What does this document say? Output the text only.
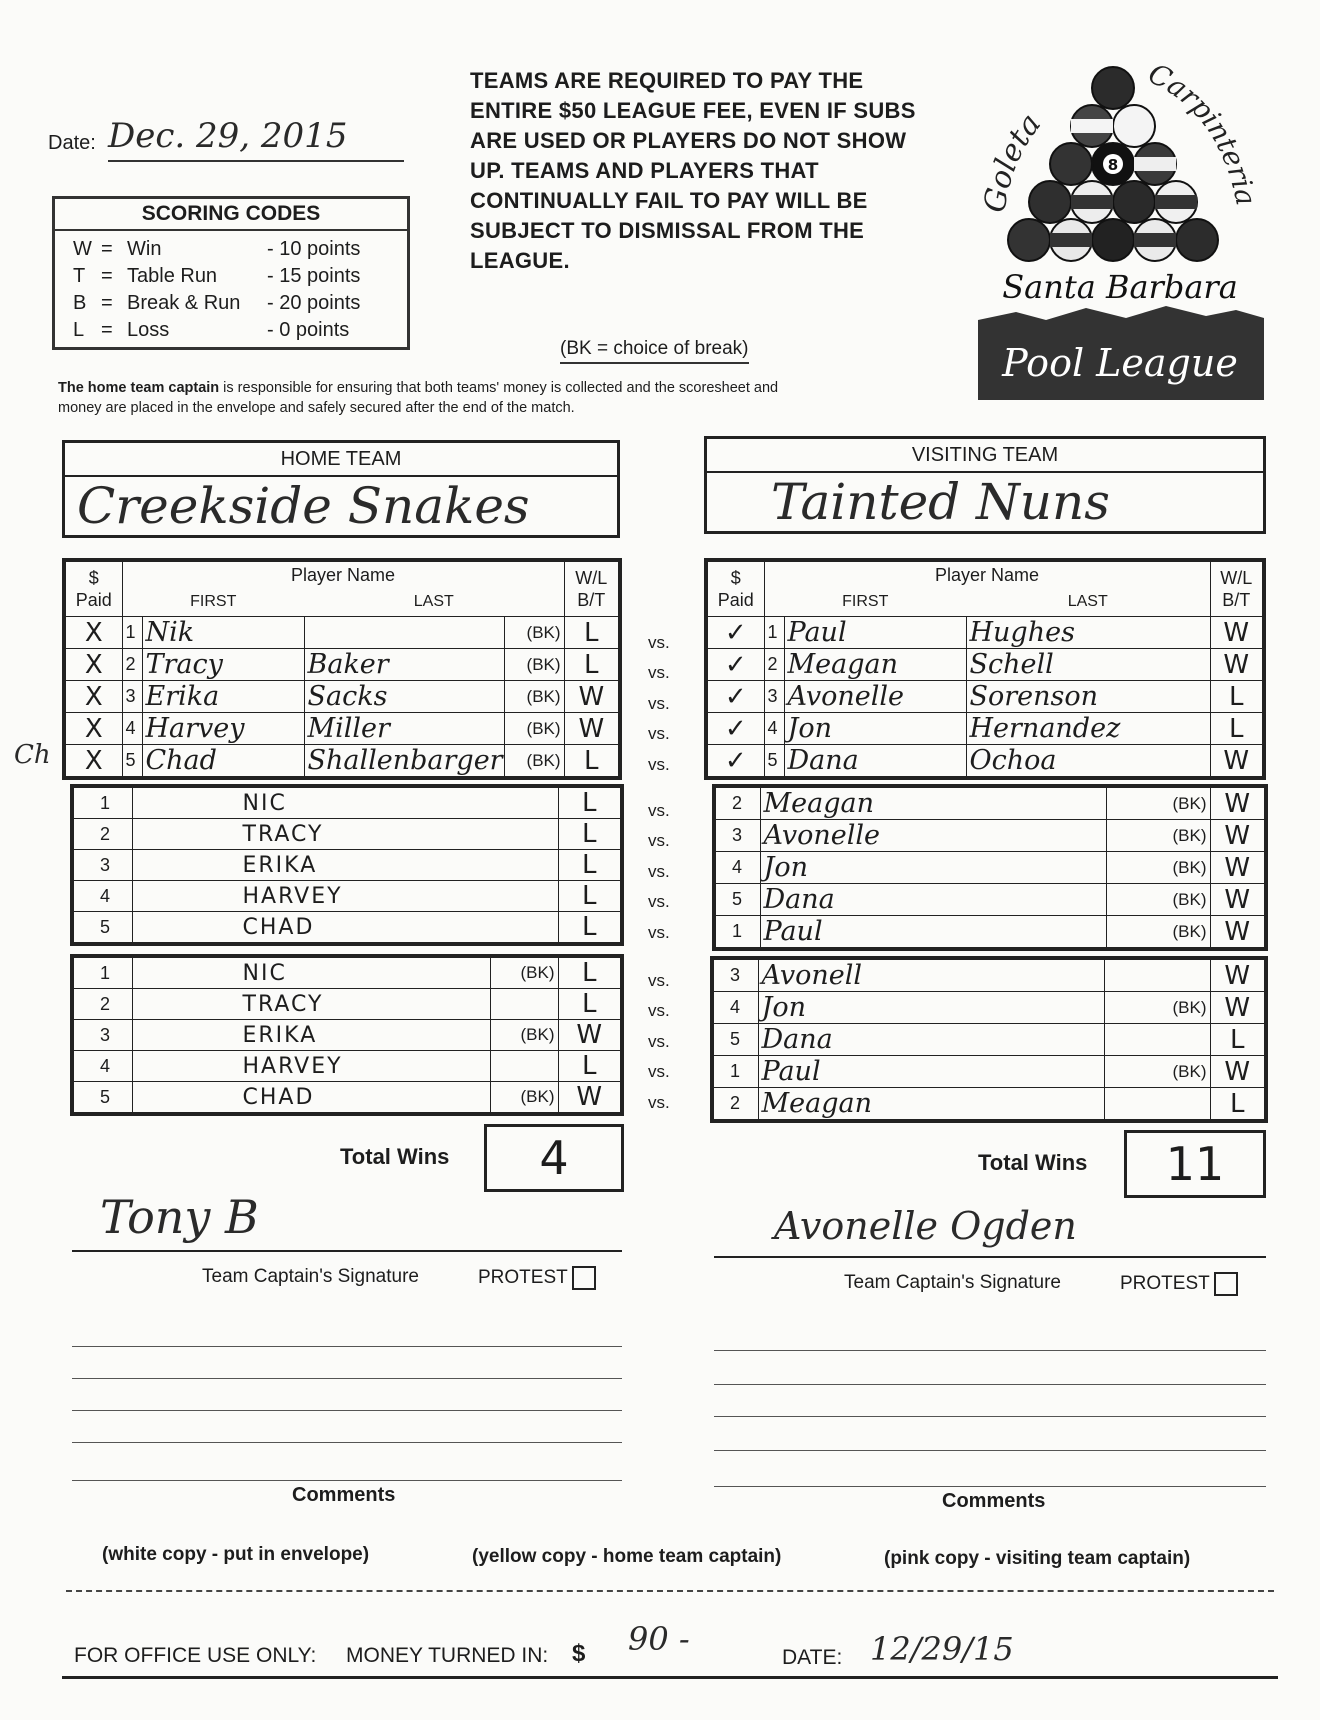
Date: Dec. 29, 2015
SCORING CODES
W = Win	- 10 points
T = Table Run - 15 points
B = Break & Run - 20 points
L = Loss	- 0 points
TEAMS ARE REQUIRED TO PAY THE ENTIRE $50 LEAGUE FEE, EVEN IF SUBS ARE USED OR PLAYERS DO NOT SHOW UP. TEAMS AND PLAYERS THAT CONTINUALLY FAIL TO PAY WILL BE SUBJECT TO DISMISSAL FROM THE LEAGUE.
(BK = choice of break)
The home team captain is responsible for ensuring that both teams' money is collected and the scoresheet and money are placed in the envelope and safely secured after the end of the match.
Goleta
Carpinteria
8
Santa Barbara
Pool League
HOME TEAM
Creekside Snakes
VISITING TEAM
Tainted Nuns
$
Paid	Player Name				W/L
B/T
	FIRST		LAST		
X	1	Nik		(BK)	L
X	2	Tracy	Baker	(BK)	L
X	3	Erika	Sacks	(BK)	W
X	4	Harvey	Miller	(BK)	W
X	5	Chad	Shallenbarger	(BK)	L
Ch
$
Paid	Player Name			W/L
B/T
	FIRST		LAST	
✓	1	Paul	Hughes	W
✓	2	Meagan	Schell	W
✓	3	Avonelle	Sorenson	L
✓	4	Jon	Hernandez	L
✓	5	Dana	Ochoa	W
vs.
vs.
vs.
vs.
vs.
1	NIC	L
2	TRACY	L
3	ERIKA	L
4	HARVEY	L
5	CHAD	L
2	Meagan	(BK)	W
3	Avonelle	(BK)	W
4	Jon	(BK)	W
5	Dana	(BK)	W
1	Paul	(BK)	W
vs.
vs.
vs.
vs.
vs.
1	NIC	(BK)	L
2	TRACY		L
3	ERIKA	(BK)	W
4	HARVEY		L
5	CHAD	(BK)	W
3	Avonell		W
4	Jon	(BK)	W
5	Dana		L
1	Paul	(BK)	W
2	Meagan		L
vs.
vs.
vs.
vs.
vs.
Total Wins	4	Total Wins	11
Tony B
Team Captain's Signature	PROTEST
Avonelle Ogden
Team Captain's Signature	PROTEST
Comments	Comments
(white copy - put in envelope)	(yellow copy - home team captain)	(pink copy - visiting team captain)
FOR OFFICE USE ONLY: MONEY TURNED IN: $ 90 -	DATE: 12/29/15
